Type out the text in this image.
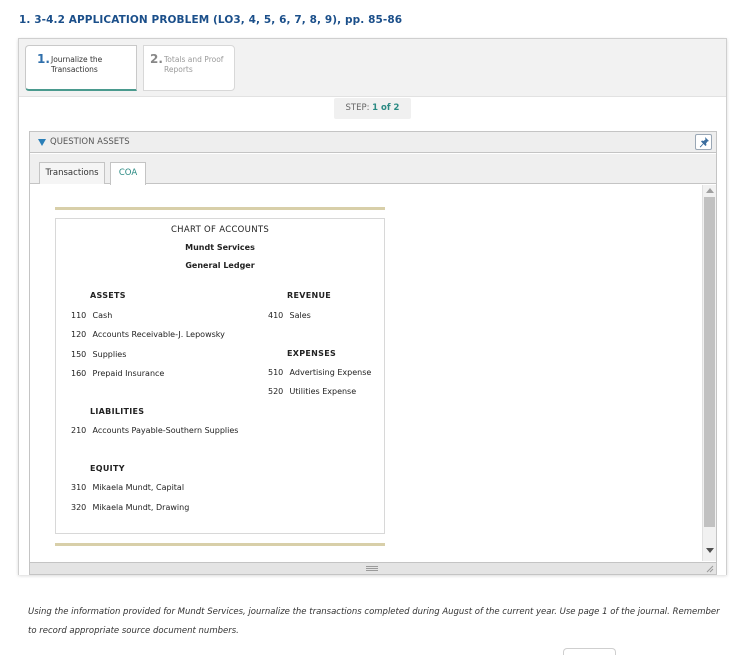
1. 3-4.2 APPLICATION PROBLEM (LO3, 4, 5, 6, 7, 8, 9), pp. 85-86
1. Journalize the Transactions
2. Totals and Proof Reports
STEP: 1 of 2
QUESTION ASSETS
Transactions	COA
CHART OF ACCOUNTS
Mundt Services
General Ledger
ASSETS
110 Cash
120 Accounts Receivable-J. Lepowsky
150 Supplies
160 Prepaid Insurance
LIABILITIES
210 Accounts Payable-Southern Supplies
EQUITY
310 Mikaela Mundt, Capital
320 Mikaela Mundt, Drawing
REVENUE
410 Sales
EXPENSES
510 Advertising Expense
520 Utilities Expense
Using the information provided for Mundt Services, journalize the transactions completed during August of the current year. Use page 1 of the journal. Remember to record appropriate source document numbers.
